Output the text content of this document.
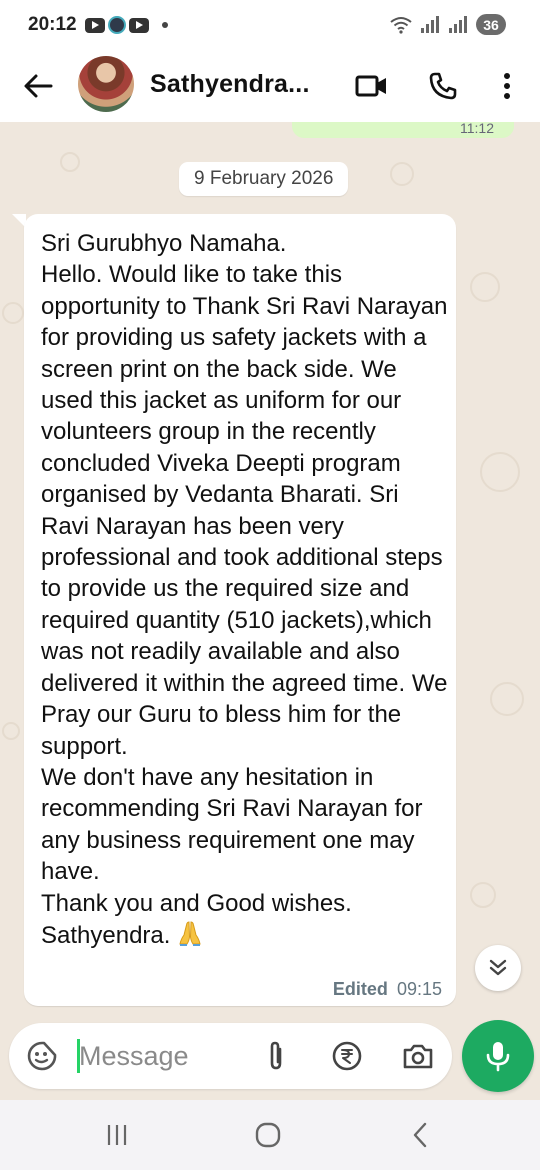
20:12	36
Sathyendra...
11:12
9 February 2026
Sri Gurubhyo Namaha.
Hello. Would like to take this opportunity to Thank Sri Ravi Narayan for providing us safety jackets with a screen print on the back side. We used this jacket as uniform for our volunteers group in the recently concluded Viveka Deepti program organised by Vedanta Bharati. Sri Ravi Narayan has been very professional and took additional steps to provide us the required size and required quantity (510 jackets),which was not readily available and also delivered it within the agreed time. We Pray our Guru to bless him for the support.
We don't have any hesitation in recommending Sri Ravi Narayan for any business requirement one may have.
Thank you and Good wishes.
Sathyendra.
Edited 09:15
Message
